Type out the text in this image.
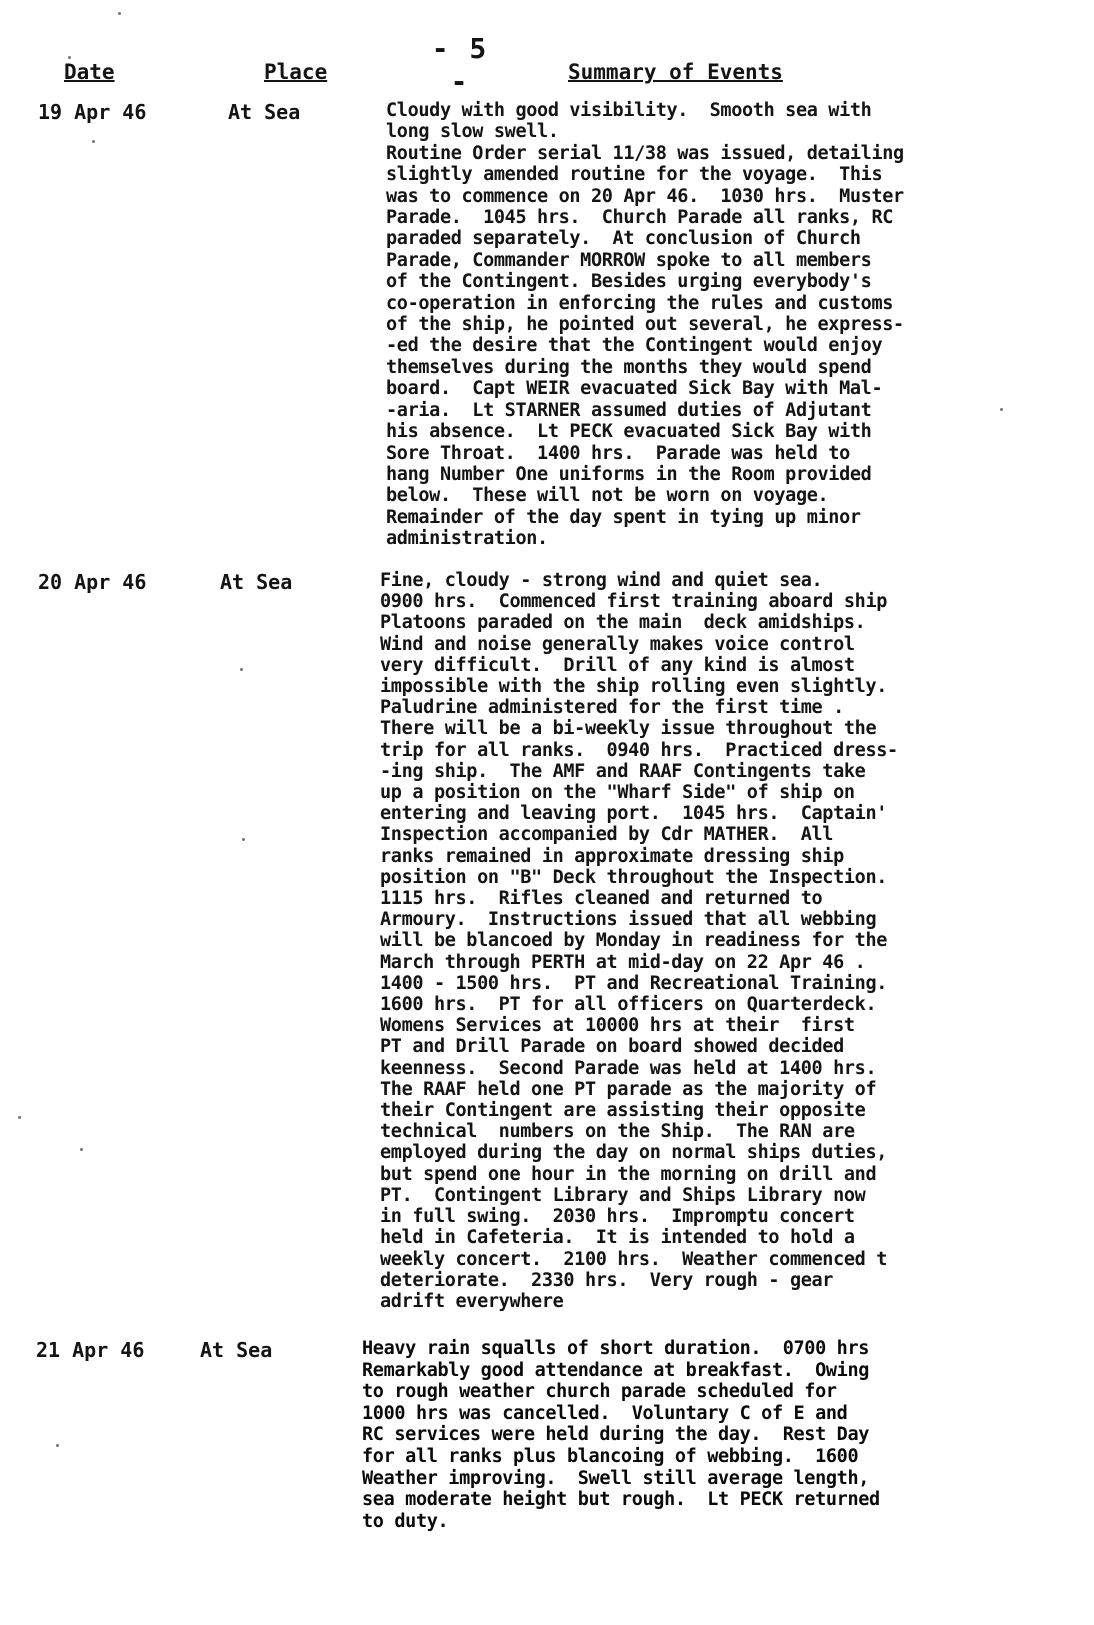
- 5 -
Date	Place	Summary of Events
19 Apr 46	At Sea	Cloudy with good visibility.  Smooth sea with
long slow swell.
Routine Order serial 11/38 was issued, detailing
slightly amended routine for the voyage.  This
was to commence on 20 Apr 46.  1030 hrs.  Muster
Parade.  1045 hrs.  Church Parade all ranks, RC
paraded separately.  At conclusion of Church
Parade, Commander MORROW spoke to all members
of the Contingent. Besides urging everybody's
co-operation in enforcing the rules and customs
of the ship, he pointed out several, he express-
-ed the desire that the Contingent would enjoy
themselves during the months they would spend
board.  Capt WEIR evacuated Sick Bay with Mal-
-aria.  Lt STARNER assumed duties of Adjutant
his absence.  Lt PECK evacuated Sick Bay with
Sore Throat.  1400 hrs.  Parade was held to
hang Number One uniforms in the Room provided
below.  These will not be worn on voyage.
Remainder of the day spent in tying up minor
administration.
20 Apr 46	At Sea	Fine, cloudy - strong wind and quiet sea.
0900 hrs.  Commenced first training aboard ship
Platoons paraded on the main  deck amidships.
Wind and noise generally makes voice control
very difficult.  Drill of any kind is almost
impossible with the ship rolling even slightly.
Paludrine administered for the first time .
There will be a bi-weekly issue throughout the
trip for all ranks.  0940 hrs.  Practiced dress-
-ing ship.  The AMF and RAAF Contingents take
up a position on the "Wharf Side" of ship on
entering and leaving port.  1045 hrs.  Captain'
Inspection accompanied by Cdr MATHER.  All
ranks remained in approximate dressing ship
position on "B" Deck throughout the Inspection.
1115 hrs.  Rifles cleaned and returned to
Armoury.  Instructions issued that all webbing
will be blancoed by Monday in readiness for the
March through PERTH at mid-day on 22 Apr 46 .
1400 - 1500 hrs.  PT and Recreational Training.
1600 hrs.  PT for all officers on Quarterdeck.
Womens Services at 10000 hrs at their  first
PT and Drill Parade on board showed decided
keenness.  Second Parade was held at 1400 hrs.
The RAAF held one PT parade as the majority of
their Contingent are assisting their opposite
technical  numbers on the Ship.  The RAN are
employed during the day on normal ships duties,
but spend one hour in the morning on drill and
PT.  Contingent Library and Ships Library now
in full swing.  2030 hrs.  Impromptu concert
held in Cafeteria.  It is intended to hold a
weekly concert.  2100 hrs.  Weather commenced t
deteriorate.  2330 hrs.  Very rough - gear
adrift everywhere
21 Apr 46	At Sea	Heavy rain squalls of short duration.  0700 hrs
Remarkably good attendance at breakfast.  Owing
to rough weather church parade scheduled for
1000 hrs was cancelled.  Voluntary C of E and
RC services were held during the day.  Rest Day
for all ranks plus blancoing of webbing.  1600
Weather improving.  Swell still average length,
sea moderate height but rough.  Lt PECK returned
to duty.
